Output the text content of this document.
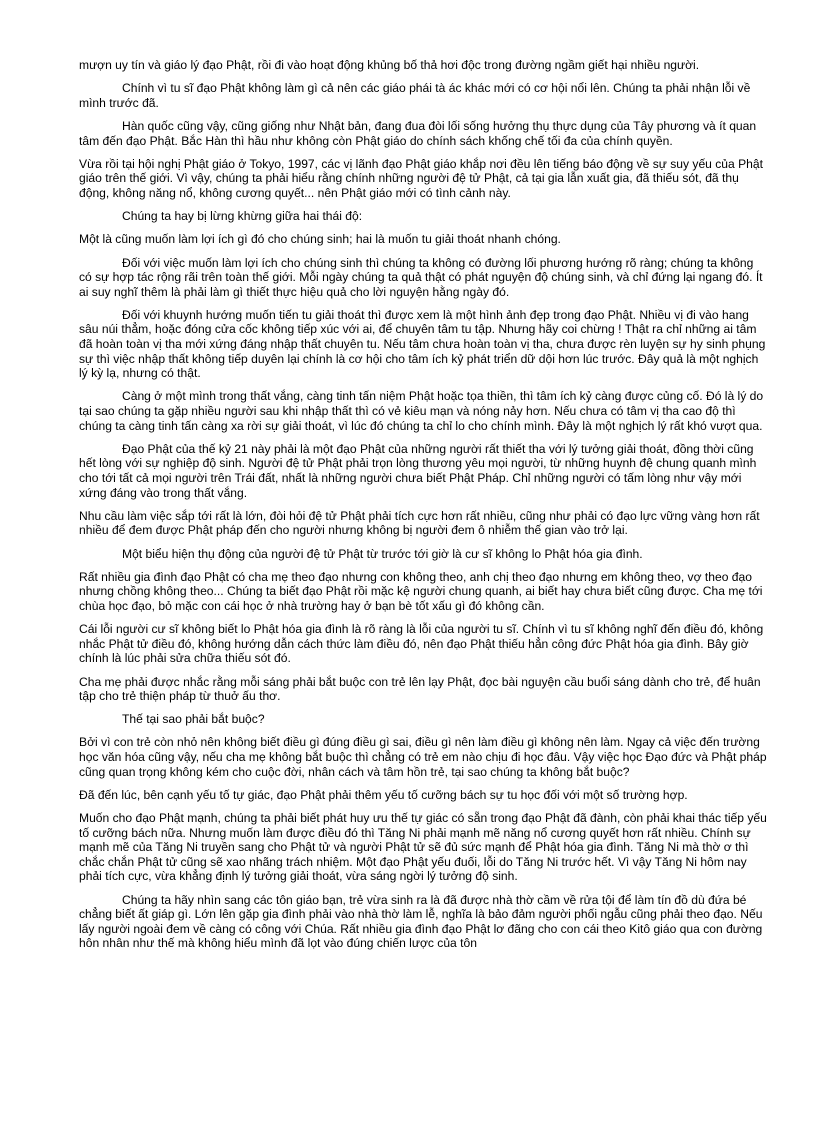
mượn uy tín và giáo lý đạo Phật, rồi đi vào hoạt động khủng bố thả hơi độc trong đường ngầm giết hại nhiều người.

Chính vì tu sĩ đạo Phật không làm gì cả nên các giáo phái tà ác khác mới có cơ hội nổi lên. Chúng ta phải nhận lỗi về mình trước đã.

Hàn quốc cũng vậy, cũng giống như Nhật bản, đang đua đòi lối sống hưởng thụ thực dụng của Tây phương và ít quan tâm đến đạo Phật. Bắc Hàn thì hầu như không còn Phật giáo do chính sách khống chế tối đa của chính quyền.

Vừa rồi tại hội nghị Phật giáo ở Tokyo, 1997, các vị lãnh đạo Phật giáo khắp nơi đều lên tiếng báo động về sự suy yếu của Phật giáo trên thế giới. Vì vậy, chúng ta phải hiểu rằng chính những người đệ tử Phật, cả tại gia lẫn xuất gia, đã thiếu sót, đã thụ động, không năng nổ, không cương quyết... nên Phật giáo mới có tình cảnh này.

Chúng ta hay bị lừng khừng giữa hai thái độ:

Một là cũng muốn làm lợi ích gì đó cho chúng sinh; hai là muốn tu giải thoát nhanh chóng.

Đối với việc muốn làm lợi ích cho chúng sinh thì chúng ta không có đường lối phương hướng rõ ràng; chúng ta không có sự hợp tác rộng rãi trên toàn thế giới. Mỗi ngày chúng ta quả thật có phát nguyện độ chúng sinh, và chỉ đứng lại ngang đó. Ít ai suy nghĩ thêm là phải làm gì thiết thực hiệu quả cho lời nguyện hằng ngày đó.

Đối với khuynh hướng muốn tiến tu giải thoát thì được xem là một hình ảnh đẹp trong đạo Phật. Nhiều vị đi vào hang sâu núi thẳm, hoặc đóng cửa cốc không tiếp xúc với ai, để chuyên tâm tu tập. Nhưng hãy coi chừng ! Thật ra chỉ những ai tâm đã hoàn toàn vị tha mới xứng đáng nhập thất chuyên tu. Nếu tâm chưa hoàn toàn vị tha, chưa được rèn luyện sự hy sinh phụng sự thì việc nhập thất không tiếp duyên lại chính là cơ hội cho tâm ích kỷ phát triển dữ dội hơn lúc trước. Đây quả là một nghịch lý kỳ lạ, nhưng có thật.

Càng ở một mình trong thất vắng, càng tinh tấn niệm Phật hoặc tọa thiền, thì tâm ích kỷ càng được củng cố. Đó là lý do tại sao chúng ta gặp nhiều người sau khi nhập thất thì có vẻ kiêu mạn và nóng nảy hơn. Nếu chưa có tâm vị tha cao độ thì chúng ta càng tinh tấn càng xa rời sự giải thoát, vì lúc đó chúng ta chỉ lo cho chính mình. Đây là một nghịch lý rất khó vượt qua.

Đạo Phật của thế kỷ 21 này phải là một đạo Phật của những người rất thiết tha với lý tưởng giải thoát, đồng thời cũng hết lòng với sự nghiệp độ sinh. Người đệ tử Phật phải trọn lòng thương yêu mọi người, từ những huynh đệ chung quanh mình cho tới tất cả mọi người trên Trái đất, nhất là những người chưa biết Phật Pháp. Chỉ những người có tấm lòng như vậy mới xứng đáng vào trong thất vắng.

Nhu cầu làm việc sắp tới rất là lớn, đòi hỏi đệ tử Phật phải tích cực hơn rất nhiều, cũng như phải có đạo lực vững vàng hơn rất nhiều để đem được Phật pháp đến cho người nhưng không bị người đem ô nhiễm thế gian vào trở lại.

Một biểu hiện thụ động của người đệ tử Phật từ trước tới giờ là cư sĩ không lo Phật hóa gia đình.

Rất nhiều gia đình đạo Phật có cha mẹ theo đạo nhưng con không theo, anh chị theo đạo nhưng em không theo, vợ theo đạo nhưng chồng không theo... Chúng ta biết đạo Phật rồi mặc kệ người chung quanh, ai biết hay chưa biết cũng được. Cha mẹ tới chùa học đạo, bỏ mặc con cái học ở nhà trường hay ở bạn bè tốt xấu gì đó không cần.

Cái lỗi người cư sĩ không biết lo Phật hóa gia đình là rõ ràng là lỗi của người tu sĩ. Chính vì tu sĩ không nghĩ đến điều đó, không nhắc Phật tử điều đó, không hướng dẫn cách thức làm điều đó, nên đạo Phật thiếu hẳn công đức Phật hóa gia đình. Bây giờ chính là lúc phải sửa chữa thiếu sót đó.

Cha mẹ phải được nhắc rằng mỗi sáng phải bắt buộc con trẻ lên lạy Phật, đọc bài nguyện cầu buổi sáng dành cho trẻ, để huân tập cho trẻ thiện pháp từ thuở ấu thơ.

Thế tại sao phải bắt buộc?

Bởi vì con trẻ còn nhỏ nên không biết điều gì đúng điều gì sai, điều gì nên làm điều gì không nên làm. Ngay cả việc đến trường học văn hóa cũng vậy, nếu cha mẹ không bắt buộc thì chẳng có trẻ em nào chịu đi học đâu. Vậy việc học Đạo đức và Phật pháp cũng quan trọng không kém cho cuộc đời, nhân cách và tâm hồn trẻ, tại sao chúng ta không bắt buộc?

Đã đến lúc, bên cạnh yếu tố tự giác, đạo Phật phải thêm yếu tố cưỡng bách sự tu học đối với một số trường hợp.

Muốn cho đạo Phật mạnh, chúng ta phải biết phát huy ưu thế tự giác có sẵn trong đạo Phật đã đành, còn phải khai thác tiếp yếu tố cưỡng bách nữa. Nhưng muốn làm được điều đó thì Tăng Ni phải mạnh mẽ năng nổ cương quyết hơn rất nhiều. Chính sự mạnh mẽ của Tăng Ni truyền sang cho Phật tử và người Phật tử sẽ đủ sức mạnh để Phật hóa gia đình. Tăng Ni mà thờ ơ thì chắc chắn Phật tử cũng sẽ xao nhãng trách nhiệm. Một đạo Phật yếu đuối, lỗi do Tăng Ni trước hết. Vì vậy Tăng Ni hôm nay phải tích cực, vừa khẳng định lý tưởng giải thoát, vừa sáng ngời lý tưởng độ sinh.

Chúng ta hãy nhìn sang các tôn giáo bạn, trẻ vừa sinh ra là đã được nhà thờ cầm về rửa tội để làm tín đồ dù đứa bé chẳng biết ất giáp gì. Lớn lên gặp gia đình phải vào nhà thờ làm lễ, nghĩa là bảo đảm người phối ngẫu cũng phải theo đạo. Nếu lấy người ngoài đem về càng có công với Chúa. Rất nhiều gia đình đạo Phật lơ đãng cho con cái theo Kitô giáo qua con đường hôn nhân như thế mà không hiểu mình đã lọt vào đúng chiến lược của tôn
